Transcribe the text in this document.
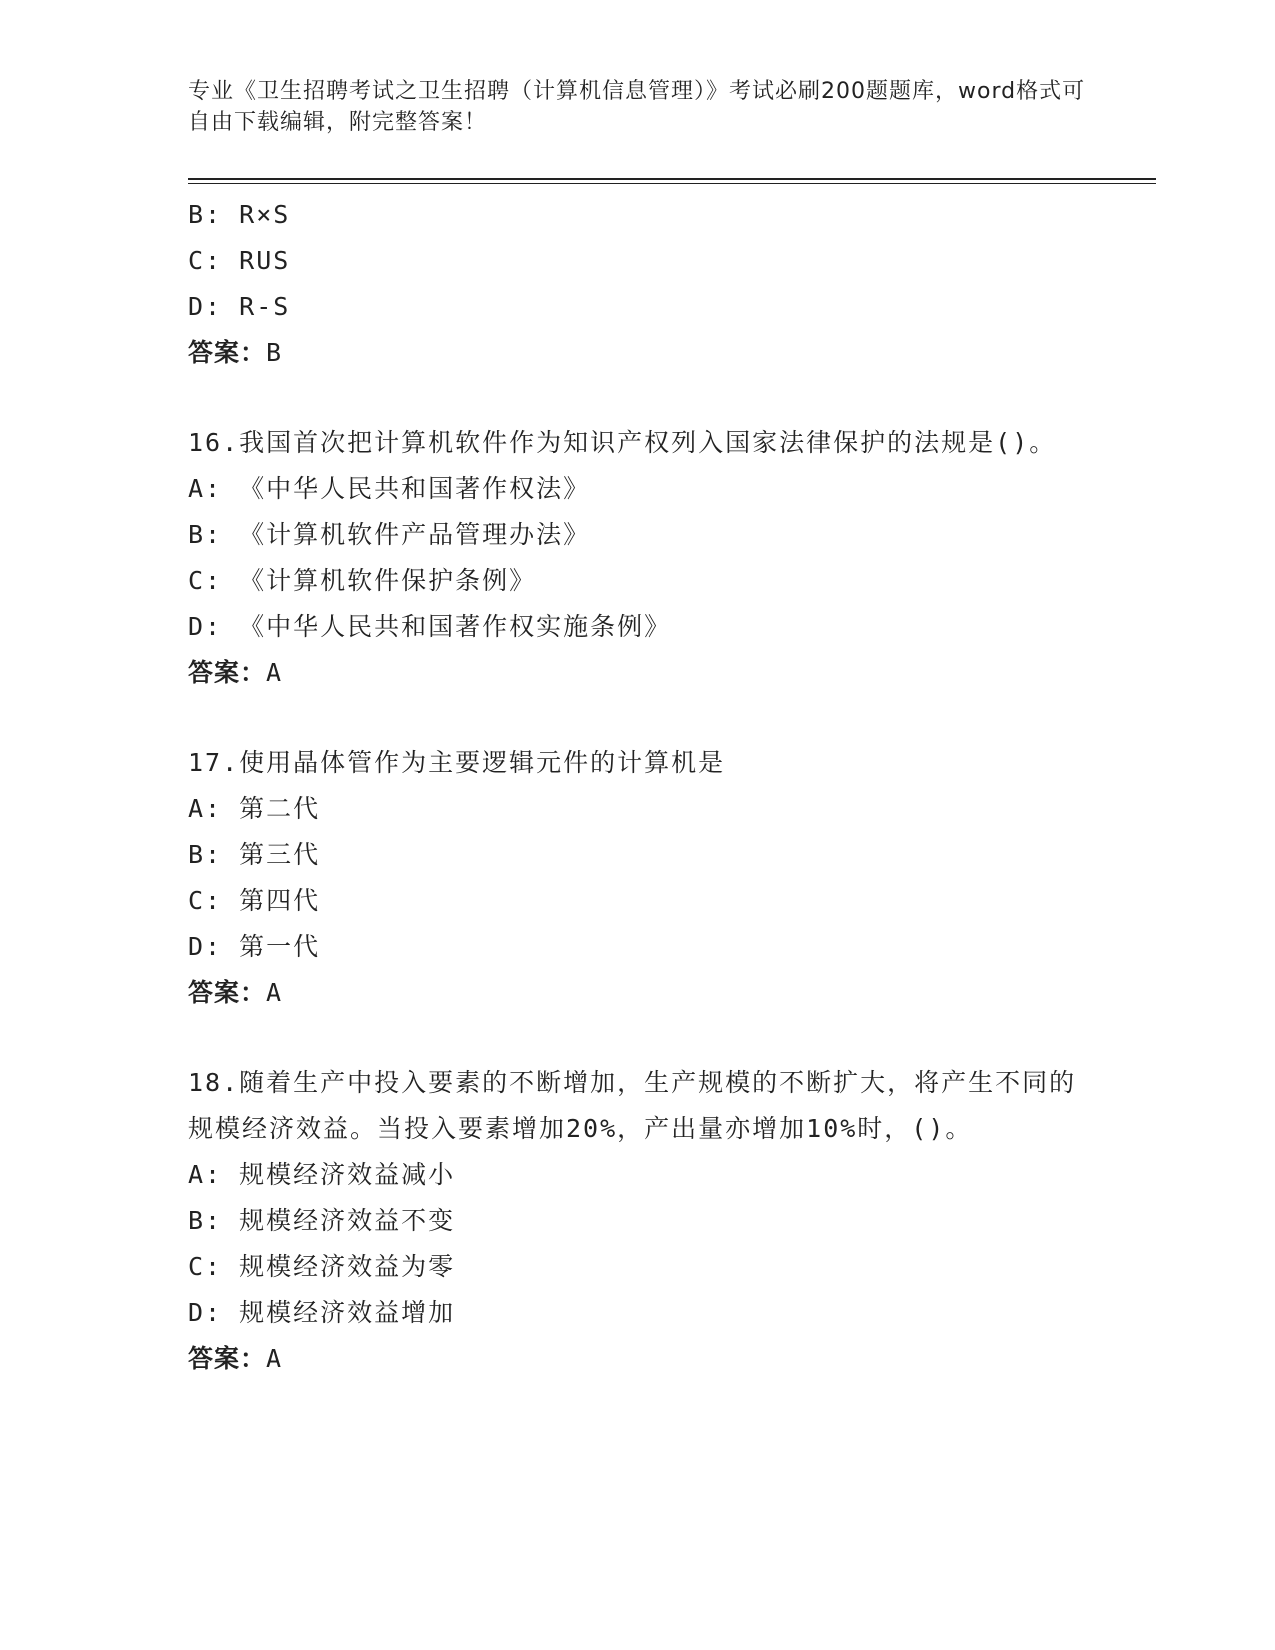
专业《卫生招聘考试之卫生招聘（计算机信息管理）》考试必刷200题题库，word格式可自由下载编辑，附完整答案！
B: R×S
C: RUS
D: R-S
答案：B
16.我国首次把计算机软件作为知识产权列入国家法律保护的法规是()。
A: 《中华人民共和国著作权法》
B: 《计算机软件产品管理办法》
C: 《计算机软件保护条例》
D: 《中华人民共和国著作权实施条例》
答案：A
17.使用晶体管作为主要逻辑元件的计算机是
A: 第二代
B: 第三代
C: 第四代
D: 第一代
答案：A
18.随着生产中投入要素的不断增加，生产规模的不断扩大，将产生不同的规模经济效益。当投入要素增加20%，产出量亦增加10%时，()。
A: 规模经济效益减小
B: 规模经济效益不变
C: 规模经济效益为零
D: 规模经济效益增加
答案：A
